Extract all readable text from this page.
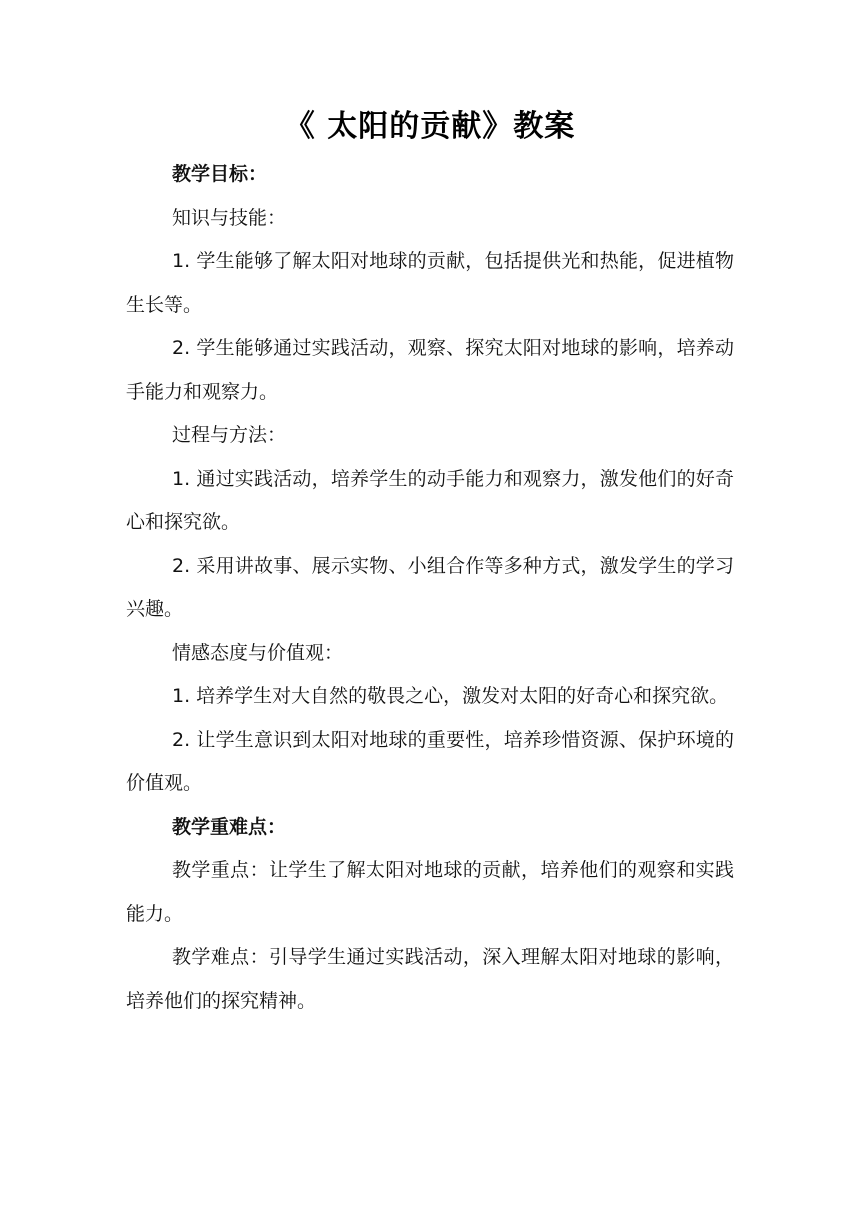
《 太阳的贡献》教案

教学目标：

知识与技能：

1. 学生能够了解太阳对地球的贡献，包括提供光和热能，促进植物生长等。

2. 学生能够通过实践活动，观察、探究太阳对地球的影响，培养动手能力和观察力。

过程与方法：

1. 通过实践活动，培养学生的动手能力和观察力，激发他们的好奇心和探究欲。

2. 采用讲故事、展示实物、小组合作等多种方式，激发学生的学习兴趣。

情感态度与价值观：

1. 培养学生对大自然的敬畏之心，激发对太阳的好奇心和探究欲。

2. 让学生意识到太阳对地球的重要性，培养珍惜资源、保护环境的价值观。

教学重难点：

教学重点：让学生了解太阳对地球的贡献，培养他们的观察和实践能力。

教学难点：引导学生通过实践活动，深入理解太阳对地球的影响，培养他们的探究精神。
